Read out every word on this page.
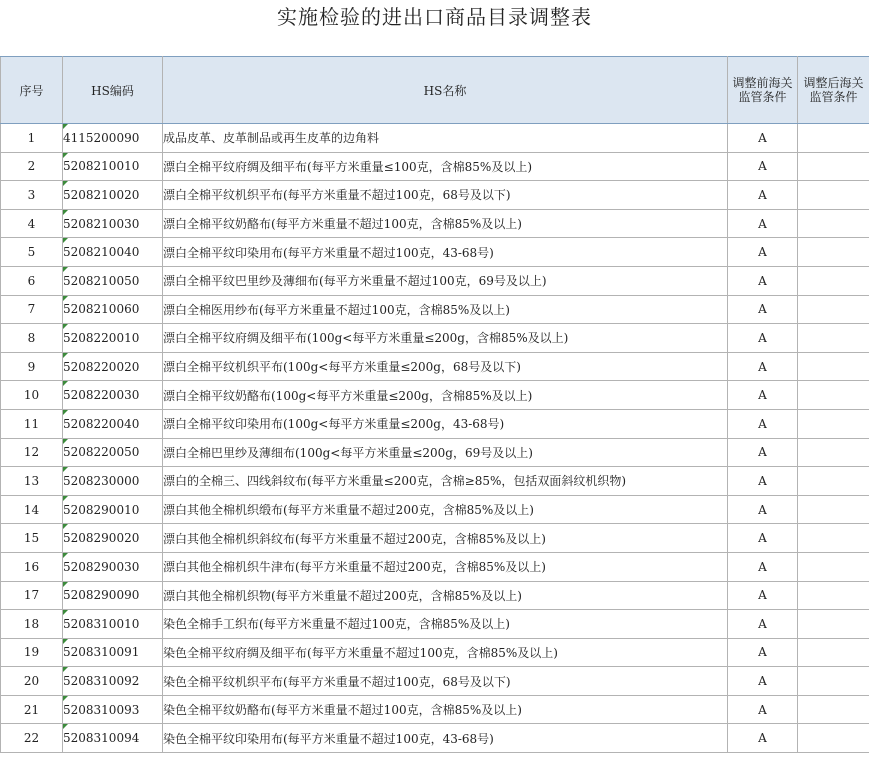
实施检验的进出口商品目录调整表
序号	HS编码	HS名称	调整前海关监管条件	调整后海关监管条件
1	4115200090	成品皮革、皮革制品或再生皮革的边角料	A	
2	5208210010	漂白全棉平纹府绸及细平布(每平方米重量≤100克，含棉85%及以上)	A	
3	5208210020	漂白全棉平纹机织平布(每平方米重量不超过100克，68号及以下)	A	
4	5208210030	漂白全棉平纹奶酪布(每平方米重量不超过100克，含棉85%及以上)	A	
5	5208210040	漂白全棉平纹印染用布(每平方米重量不超过100克，43-68号)	A	
6	5208210050	漂白全棉平纹巴里纱及薄细布(每平方米重量不超过100克，69号及以上)	A	
7	5208210060	漂白全棉医用纱布(每平方米重量不超过100克，含棉85%及以上)	A	
8	5208220010	漂白全棉平纹府绸及细平布(100g<每平方米重量≤200g，含棉85%及以上)	A	
9	5208220020	漂白全棉平纹机织平布(100g<每平方米重量≤200g，68号及以下)	A	
10	5208220030	漂白全棉平纹奶酪布(100g<每平方米重量≤200g，含棉85%及以上)	A	
11	5208220040	漂白全棉平纹印染用布(100g<每平方米重量≤200g，43-68号)	A	
12	5208220050	漂白全棉巴里纱及薄细布(100g<每平方米重量≤200g，69号及以上)	A	
13	5208230000	漂白的全棉三、四线斜纹布(每平方米重量≤200克，含棉≥85%，包括双面斜纹机织物)	A	
14	5208290010	漂白其他全棉机织缎布(每平方米重量不超过200克，含棉85%及以上)	A	
15	5208290020	漂白其他全棉机织斜纹布(每平方米重量不超过200克，含棉85%及以上)	A	
16	5208290030	漂白其他全棉机织牛津布(每平方米重量不超过200克，含棉85%及以上)	A	
17	5208290090	漂白其他全棉机织物(每平方米重量不超过200克，含棉85%及以上)	A	
18	5208310010	染色全棉手工织布(每平方米重量不超过100克，含棉85%及以上)	A	
19	5208310091	染色全棉平纹府绸及细平布(每平方米重量不超过100克，含棉85%及以上)	A	
20	5208310092	染色全棉平纹机织平布(每平方米重量不超过100克，68号及以下)	A	
21	5208310093	染色全棉平纹奶酪布(每平方米重量不超过100克，含棉85%及以上)	A	
22	5208310094	染色全棉平纹印染用布(每平方米重量不超过100克，43-68号)	A	
